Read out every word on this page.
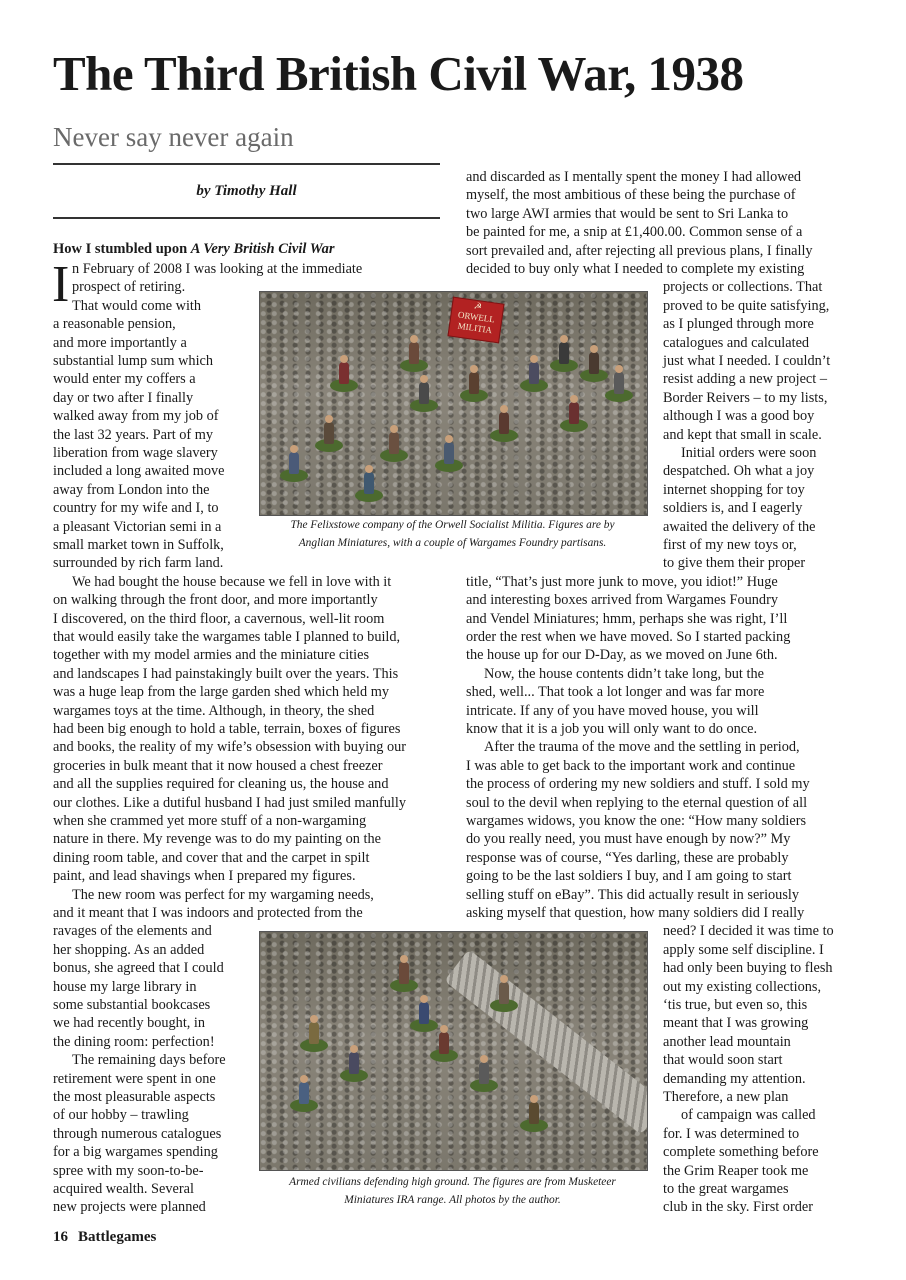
The Third British Civil War, 1938
Never say never again
by Timothy Hall
How I stumbled upon A Very British Civil War
I n February of 2008 I was looking at the immediate
prospect of retiring.
That would come with
a reasonable pension,
and more importantly a
substantial lump sum which
would enter my coffers a
day or two after I finally
walked away from my job of
the last 32 years. Part of my
liberation from wage slavery
included a long awaited move
away from London into the
country for my wife and I, to
a pleasant Victorian semi in a
small market town in Suffolk,
surrounded by rich farm land.
We had bought the house because we fell in love with it
on walking through the front door, and more importantly
I discovered, on the third floor, a cavernous, well-lit room
that would easily take the wargames table I planned to build,
together with my model armies and the miniature cities
and landscapes I had painstakingly built over the years. This
was a huge leap from the large garden shed which held my
wargames toys at the time. Although, in theory, the shed
had been big enough to hold a table, terrain, boxes of figures
and books, the reality of my wife’s obsession with buying our
groceries in bulk meant that it now housed a chest freezer
and all the supplies required for cleaning us, the house and
our clothes. Like a dutiful husband I had just smiled manfully
when she crammed yet more stuff of a non-wargaming
nature in there. My revenge was to do my painting on the
dining room table, and cover that and the carpet in spilt
paint, and lead shavings when I prepared my figures.
The new room was perfect for my wargaming needs,
and it meant that I was indoors and protected from the
ravages of the elements and
her shopping. As an added
bonus, she agreed that I could
house my large library in
some substantial bookcases
we had recently bought, in
the dining room: perfection!
The remaining days before
retirement were spent in one
the most pleasurable aspects
of our hobby – trawling
through numerous catalogues
for a big wargames spending
spree with my soon-to-be-
acquired wealth. Several
new projects were planned
and discarded as I mentally spent the money I had allowed
myself, the most ambitious of these being the purchase of
two large AWI armies that would be sent to Sri Lanka to
be painted for me, a snip at £1,400.00. Common sense of a
sort prevailed and, after rejecting all previous plans, I finally
decided to buy only what I needed to complete my existing
projects or collections. That
proved to be quite satisfying,
as I plunged through more
catalogues and calculated
just what I needed. I couldn’t
resist adding a new project –
Border Reivers – to my lists,
although I was a good boy
and kept that small in scale.
Initial orders were soon
despatched. Oh what a joy
internet shopping for toy
soldiers is, and I eagerly
awaited the delivery of the
first of my new toys or,
to give them their proper
title, “That’s just more junk to move, you idiot!” Huge
and interesting boxes arrived from Wargames Foundry
and Vendel Miniatures; hmm, perhaps she was right, I’ll
order the rest when we have moved. So I started packing
the house up for our D-Day, as we moved on June 6th.
Now, the house contents didn’t take long, but the
shed, well... That took a lot longer and was far more
intricate. If any of you have moved house, you will
know that it is a job you will only want to do once.
After the trauma of the move and the settling in period,
I was able to get back to the important work and continue
the process of ordering my new soldiers and stuff. I sold my
soul to the devil when replying to the eternal question of all
wargames widows, you know the one: “How many soldiers
do you really need, you must have enough by now?” My
response was of course, “Yes darling, these are probably
going to be the last soldiers I buy, and I am going to start
selling stuff on eBay”. This did actually result in seriously
asking myself that question, how many soldiers did I really
need? I decided it was time to
apply some self discipline. I
had only been buying to flesh
out my existing collections,
‘tis true, but even so, this
meant that I was growing
another lead mountain
that would soon start
demanding my attention.
Therefore, a new plan
of campaign was called
for. I was determined to
complete something before
the Grim Reaper took me
to the great wargames
club in the sky. First order
☭
ORWELL MILITIA
The Felixstowe company of the Orwell Socialist Militia. Figures are by
Anglian Miniatures, with a couple of Wargames Foundry partisans.
Armed civilians defending high ground. The figures are from Musketeer
Miniatures IRA range. All photos by the author.
16 Battlegames
